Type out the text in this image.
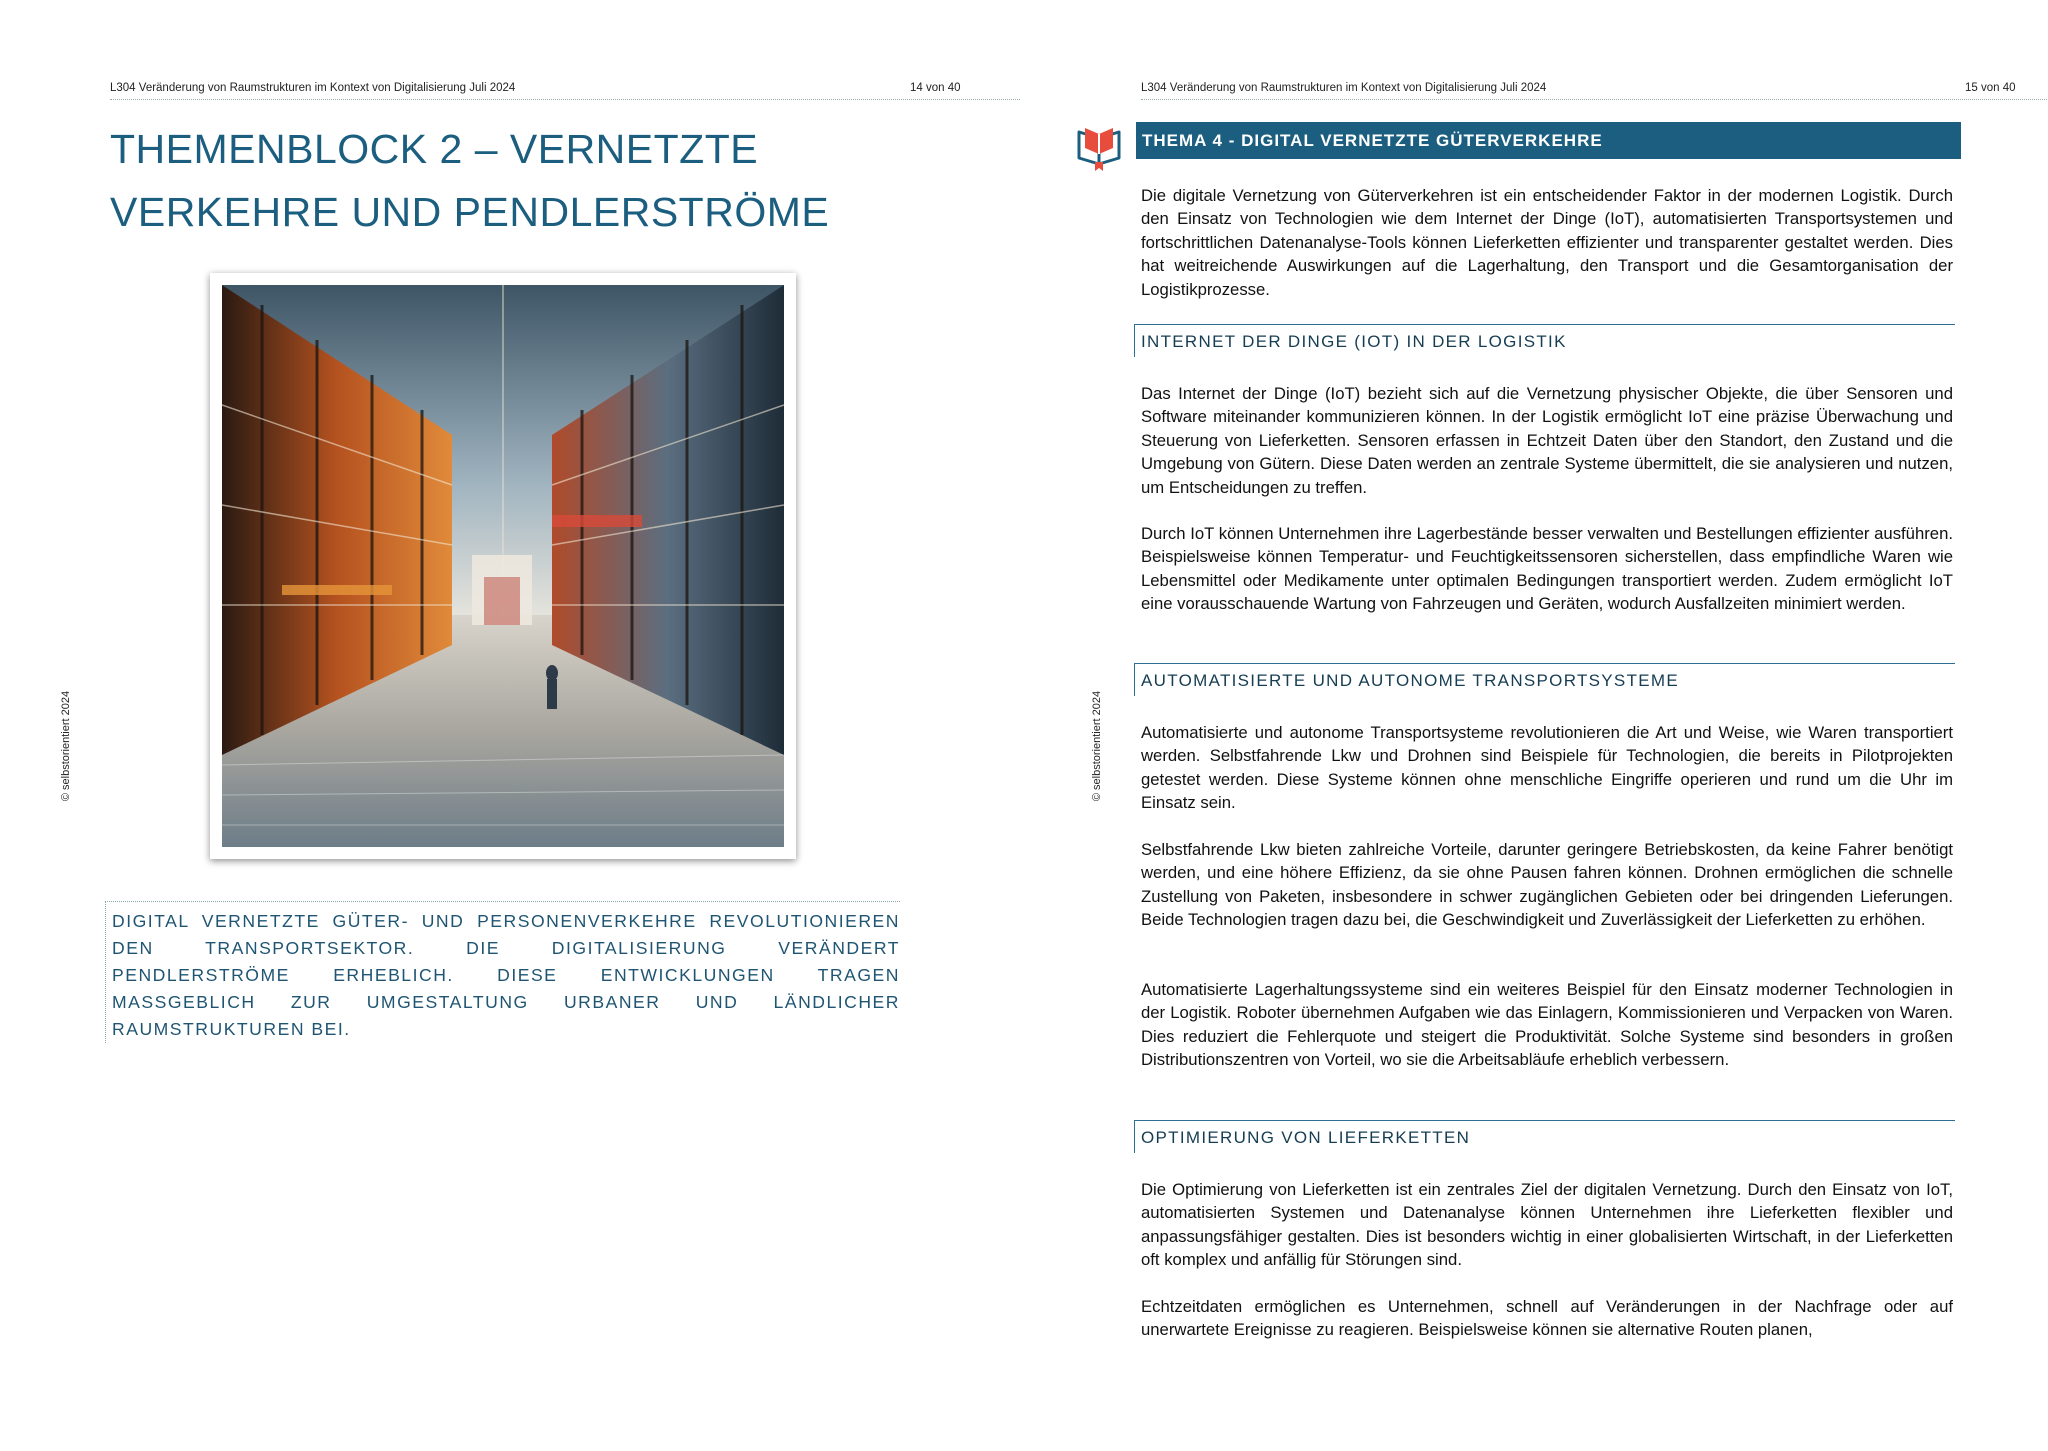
L304 Veränderung von Raumstrukturen im Kontext von Digitalisierung Juli 2024	14 von 40
© selbstorientiert 2024
THEMENBLOCK 2 – VERNETZTE
VERKEHRE UND PENDLERSTRÖME

DIGITAL VERNETZTE GÜTER- UND PERSONENVERKEHRE REVOLUTIONIEREN DEN TRANSPORTSEKTOR. DIE DIGITALISIERUNG VERÄNDERT PENDLERSTRÖME ERHEBLICH. DIESE ENTWICKLUNGEN TRAGEN MASSGEBLICH ZUR UMGESTALTUNG URBANER UND LÄNDLICHER RAUMSTRUKTUREN BEI.

L304 Veränderung von Raumstrukturen im Kontext von Digitalisierung Juli 2024	15 von 40
© selbstorientiert 2024
THEMA 4 - DIGITAL VERNETZTE GÜTERVERKEHRE

Die digitale Vernetzung von Güterverkehren ist ein entscheidender Faktor in der modernen Logistik. Durch den Einsatz von Technologien wie dem Internet der Dinge (IoT), automatisierten Transportsystemen und fortschrittlichen Datenanalyse-Tools können Lieferketten effizienter und transparenter gestaltet werden. Dies hat weitreichende Auswirkungen auf die Lagerhaltung, den Transport und die Gesamtorganisation der Logistikprozesse.

INTERNET DER DINGE (IOT) IN DER LOGISTIK

Das Internet der Dinge (IoT) bezieht sich auf die Vernetzung physischer Objekte, die über Sensoren und Software miteinander kommunizieren können. In der Logistik ermöglicht IoT eine präzise Überwachung und Steuerung von Lieferketten. Sensoren erfassen in Echtzeit Daten über den Standort, den Zustand und die Umgebung von Gütern. Diese Daten werden an zentrale Systeme übermittelt, die sie analysieren und nutzen, um Entscheidungen zu treffen.

Durch IoT können Unternehmen ihre Lagerbestände besser verwalten und Bestellungen effizienter ausführen. Beispielsweise können Temperatur- und Feuchtigkeitssensoren sicherstellen, dass empfindliche Waren wie Lebensmittel oder Medikamente unter optimalen Bedingungen transportiert werden. Zudem ermöglicht IoT eine vorausschauende Wartung von Fahrzeugen und Geräten, wodurch Ausfallzeiten minimiert werden.

AUTOMATISIERTE UND AUTONOME TRANSPORTSYSTEME

Automatisierte und autonome Transportsysteme revolutionieren die Art und Weise, wie Waren transportiert werden. Selbstfahrende Lkw und Drohnen sind Beispiele für Technologien, die bereits in Pilotprojekten getestet werden. Diese Systeme können ohne menschliche Eingriffe operieren und rund um die Uhr im Einsatz sein.

Selbstfahrende Lkw bieten zahlreiche Vorteile, darunter geringere Betriebskosten, da keine Fahrer benötigt werden, und eine höhere Effizienz, da sie ohne Pausen fahren können. Drohnen ermöglichen die schnelle Zustellung von Paketen, insbesondere in schwer zugänglichen Gebieten oder bei dringenden Lieferungen. Beide Technologien tragen dazu bei, die Geschwindigkeit und Zuverlässigkeit der Lieferketten zu erhöhen.

Automatisierte Lagerhaltungssysteme sind ein weiteres Beispiel für den Einsatz moderner Technologien in der Logistik. Roboter übernehmen Aufgaben wie das Einlagern, Kommissionieren und Verpacken von Waren. Dies reduziert die Fehlerquote und steigert die Produktivität. Solche Systeme sind besonders in großen Distributionszentren von Vorteil, wo sie die Arbeitsabläufe erheblich verbessern.

OPTIMIERUNG VON LIEFERKETTEN

Die Optimierung von Lieferketten ist ein zentrales Ziel der digitalen Vernetzung. Durch den Einsatz von IoT, automatisierten Systemen und Datenanalyse können Unternehmen ihre Lieferketten flexibler und anpassungsfähiger gestalten. Dies ist besonders wichtig in einer globalisierten Wirtschaft, in der Lieferketten oft komplex und anfällig für Störungen sind.

Echtzeitdaten ermöglichen es Unternehmen, schnell auf Veränderungen in der Nachfrage oder auf unerwartete Ereignisse zu reagieren. Beispielsweise können sie alternative Routen planen,
